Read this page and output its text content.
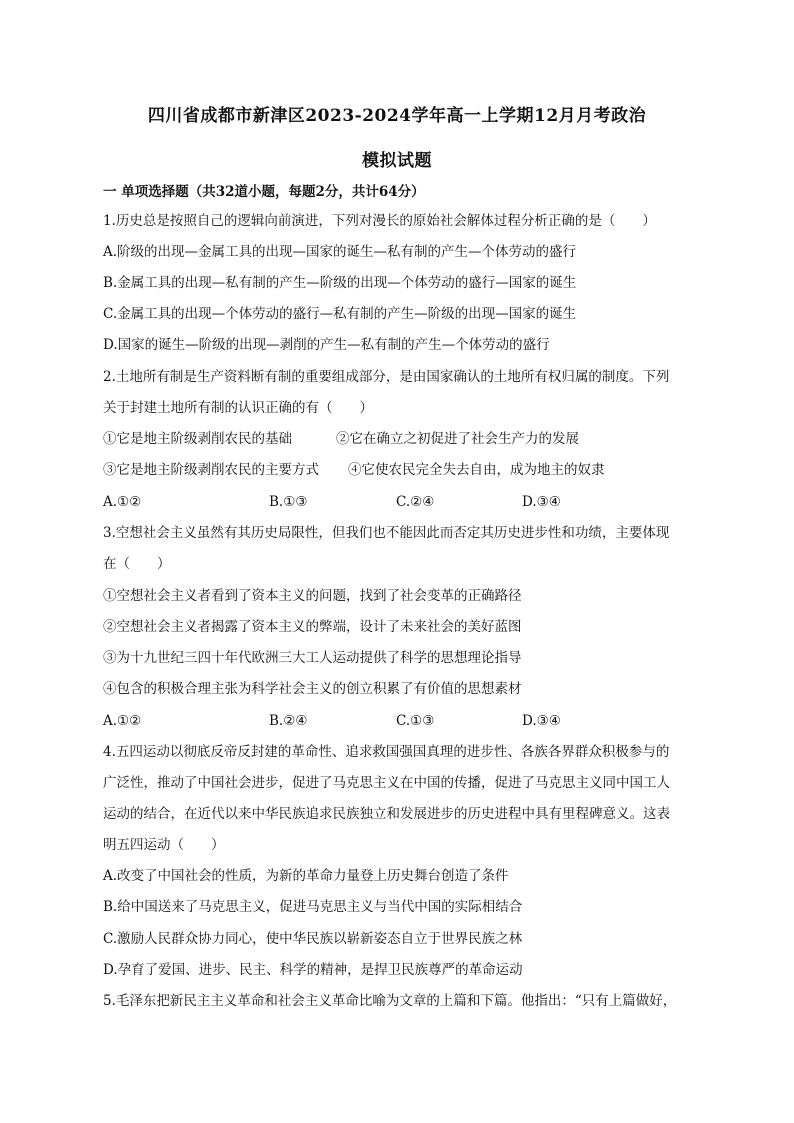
四川省成都市新津区2023-2024学年高一上学期12月月考政治
模拟试题
一 单项选择题（共32道小题，每题2分，共计64分）
1.历史总是按照自己的逻辑向前演进，下列对漫长的原始社会解体过程分析正确的是（　　）
A.阶级的出现—金属工具的出现—国家的诞生—私有制的产生—个体劳动的盛行
B.金属工具的出现—私有制的产生—阶级的出现—个体劳动的盛行—国家的诞生
C.金属工具的出现—个体劳动的盛行—私有制的产生—阶级的出现—国家的诞生
D.国家的诞生—阶级的出现—剥削的产生—私有制的产生—个体劳动的盛行
2.土地所有制是生产资料断有制的重要组成部分，是由国家确认的土地所有权归属的制度。下列
关于封建土地所有制的认识正确的有（　　）
①它是地主阶级剥削农民的基础	②它在确立之初促进了社会生产力的发展
③它是地主阶级剥削农民的主要方式 ④它使农民完全失去自由，成为地主的奴隶
A.①②	B.①③	C.②④	D.③④
3.空想社会主义虽然有其历史局限性，但我们也不能因此而否定其历史进步性和功绩，主要体现
在（　　）
①空想社会主义者看到了资本主义的问题，找到了社会变革的正确路径
②空想社会主义者揭露了资本主义的弊端，设计了未来社会的美好蓝图
③为十九世纪三四十年代欧洲三大工人运动提供了科学的思想理论指导
④包含的积极合理主张为科学社会主义的创立积累了有价值的思想素材
A.①②	B.②④	C.①③	D.③④
4.五四运动以彻底反帝反封建的革命性、追求救国强国真理的进步性、各族各界群众积极参与的
广泛性，推动了中国社会进步，促进了马克思主义在中国的传播，促进了马克思主义同中国工人
运动的结合，在近代以来中华民族追求民族独立和发展进步的历史进程中具有里程碑意义。这表
明五四运动（　　）
A.改变了中国社会的性质，为新的革命力量登上历史舞台创造了条件
B.给中国送来了马克思主义，促进马克思主义与当代中国的实际相结合
C.激励人民群众协力同心，使中华民族以崭新姿态自立于世界民族之林
D.孕育了爱国、进步、民主、科学的精神，是捍卫民族尊严的革命运动
5.毛泽东把新民主主义革命和社会主义革命比喻为文章的上篇和下篇。他指出：“只有上篇做好，
